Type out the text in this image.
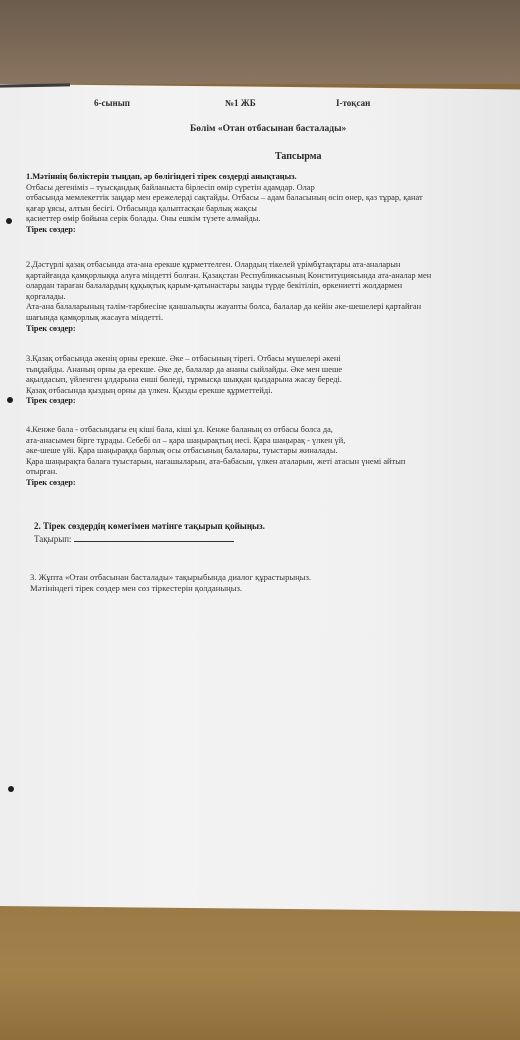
6-сынып	№1 ЖБ	І-тоқсан
Бөлім «Отан отбасынан басталады»
Тапсырма
1.Мәтіннің бөліктерін тыңдап, әр бөлігіндегі тірек сөздерді анықтаңыз.
Отбасы дегеніміз – туысқандық байланыста бірлесіп өмір сүретін адамдар. Олар
отбасында мемлекеттік заңдар мен ережелерді сақтайды. Отбасы – адам баласының өсіп өнер, қаз тұрар, қанат
қағар ұясы, алтын бесігі. Отбасында қалыптасқан барлық жақсы
қасиеттер өмір бойына серік болады. Оны ешкім түзете алмайды.
Тірек сөздер:
2.Дәстүрлі қазақ отбасында ата-ана ерекше құрметтелген. Олардың тікелей үрімбұтақтары ата-аналарын
қартайғанда қамқорлыққа алуға міндетті болған. Қазақстан Республикасының Конституциясында ата-аналар мен
олардан тараған балалардың құқықтық қарым-қатынастары заңды түрде бекітіліп, өркениетті жолдармен
қорғалады.
Ата-ана балаларының тәлім-тәрбиесіне қаншалықты жауапты болса, балалар да кейін әке-шешелері қартайған
шағында қамқорлық жасауға міндетті.
Тірек сөздер:
3.Қазақ отбасында әкенің орны ерекше. Әке – отбасының тірегі. Отбасы мүшелері әкені
тыңдайды. Ананың орны да ерекше. Әке де, балалар да ананы сыйлайды. Әке мен шеше
ақылдасып, үйленген ұлдарына енші бөледі, тұрмысқа шыққан қыздарына жасау береді.
Қазақ отбасында қыздың орны да үлкен. Қызды ерекше құрметтейді.
Тірек сөздер:
4.Кенже бала - отбасындағы ең кіші бала, кіші ұл. Кенже баланың өз отбасы болса да,
ата-анасымен бірге тұрады. Себебі ол – қара шаңырақтың иесі. Қара шаңырақ - үлкен үй,
әке-шеше үйі. Қара шаңыраққа барлық осы отбасының балалары, туыстары жиналады.
Қара шаңырақта балаға туыстарын, нағашыларын, ата-бабасын, үлкен аталарын, жеті атасын үнемі айтып
отырған.
Тірек сөздер:
2. Тірек сөздердің көмегімен мәтінге тақырып қойыңыз.
Тақырып:
3. Жұпта «Отан отбасынан басталады» тақырыбында диалог құрастырыңыз.
Мәтініндегі тірек сөздер мен сөз тіркестерін қолданыңыз.
